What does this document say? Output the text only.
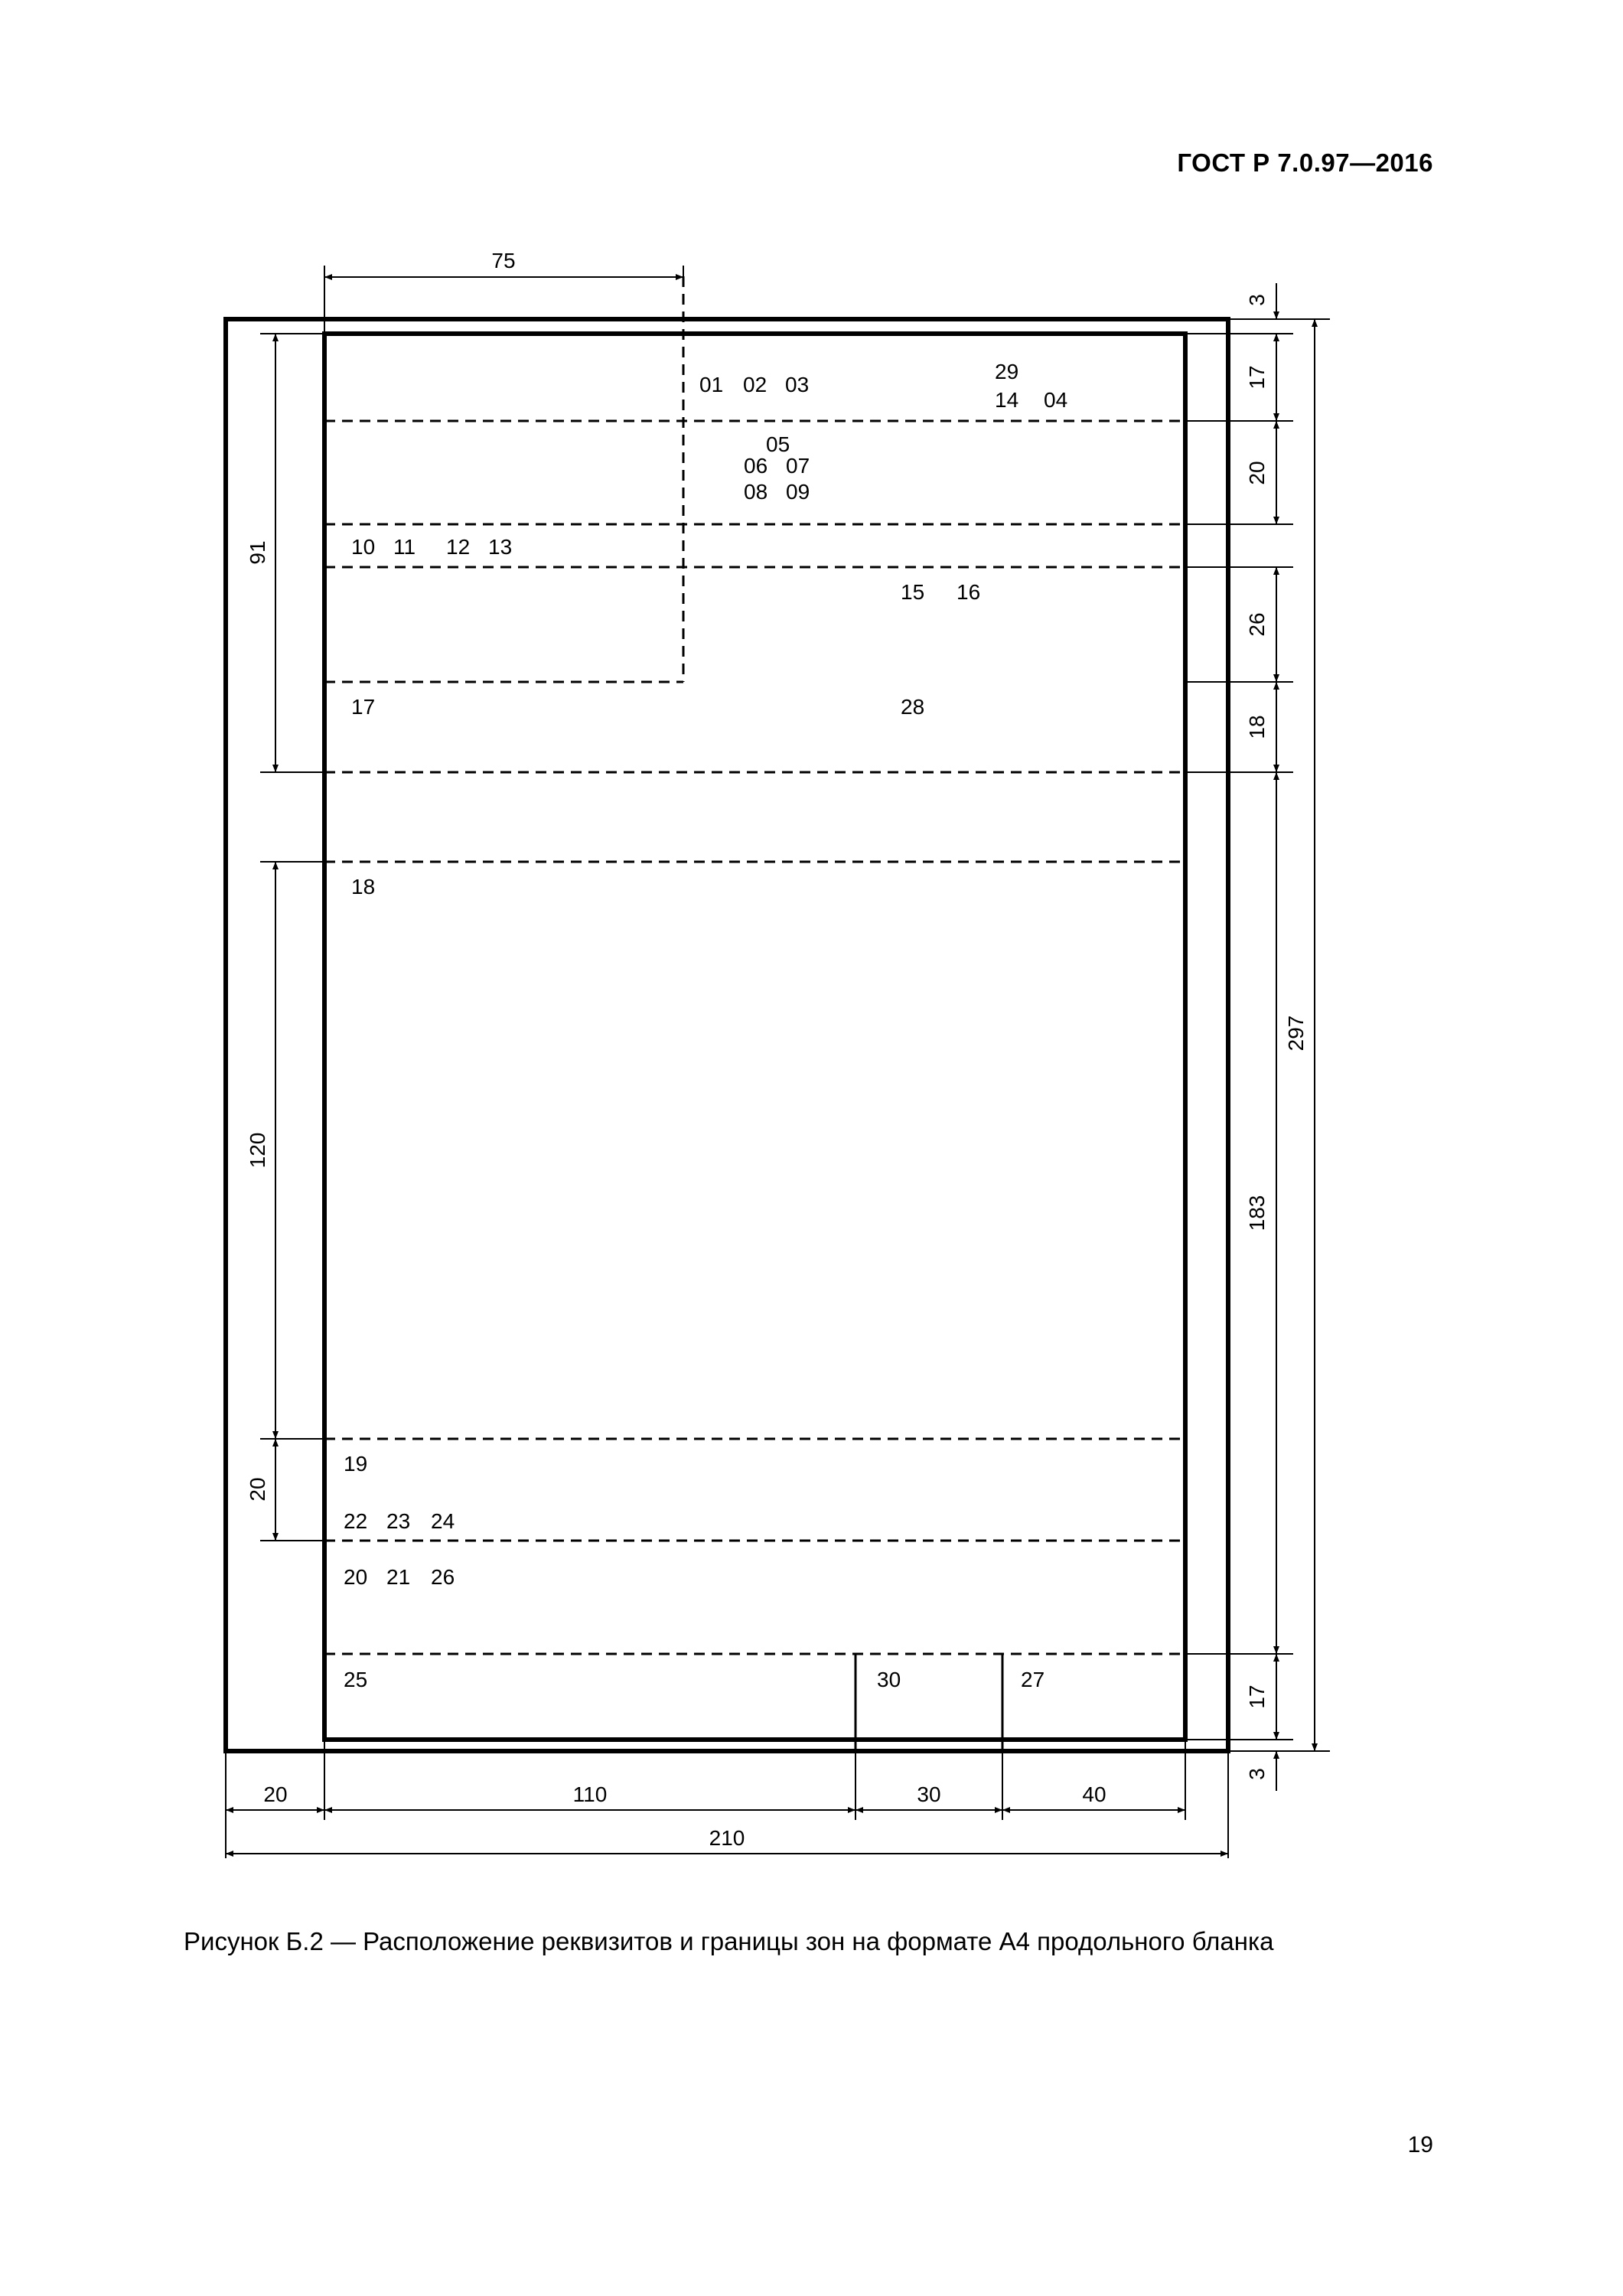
ГОСТ Р 7.0.97—2016
75
3
17
20
26
18
297
183
17
3
91
120
20
20	110	30	40
210
01 02 03
29
14 04
05
06 07
08 09
10 11 12 13
15 16
17	28
18
19
22 23 24
20 21 26
25	30	27
Рисунок Б.2 — Расположение реквизитов и границы зон на формате А4 продольного бланка
19
